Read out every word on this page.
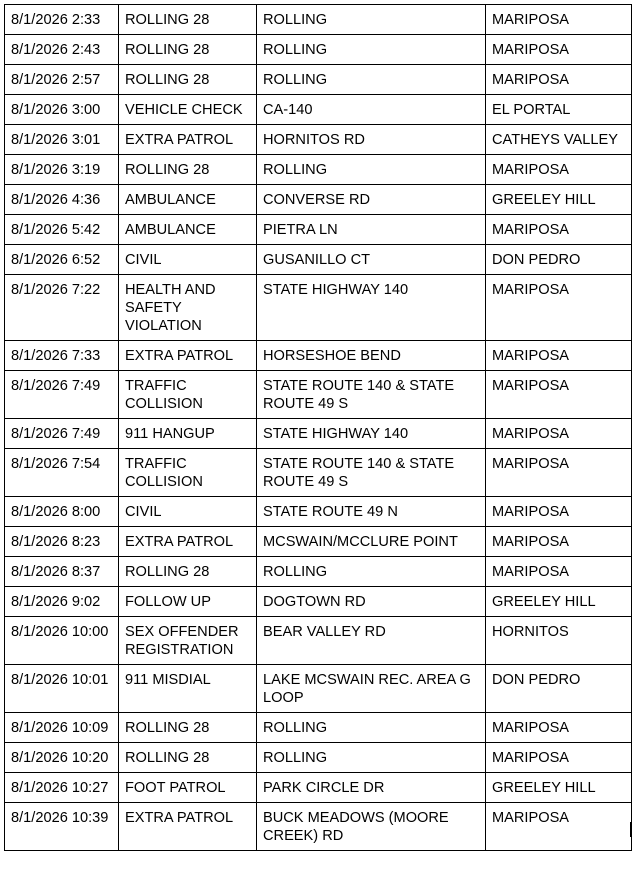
8/1/2026 2:33	ROLLING 28	ROLLING	MARIPOSA

8/1/2026 2:43	ROLLING 28	ROLLING	MARIPOSA

8/1/2026 2:57	ROLLING 28	ROLLING	MARIPOSA

8/1/2026 3:00	VEHICLE CHECK	CA-140	EL PORTAL

8/1/2026 3:01	EXTRA PATROL	HORNITOS RD	CATHEYS VALLEY

8/1/2026 3:19	ROLLING 28	ROLLING	MARIPOSA

8/1/2026 4:36	AMBULANCE	CONVERSE RD	GREELEY HILL

8/1/2026 5:42	AMBULANCE	PIETRA LN	MARIPOSA

8/1/2026 6:52	CIVIL	GUSANILLO CT	DON PEDRO

8/1/2026 7:22	HEALTH AND SAFETY VIOLATION	STATE HIGHWAY 140	MARIPOSA

8/1/2026 7:33	EXTRA PATROL	HORSESHOE BEND	MARIPOSA

8/1/2026 7:49	TRAFFIC COLLISION	STATE ROUTE 140 & STATE ROUTE 49 S	MARIPOSA

8/1/2026 7:49	911 HANGUP	STATE HIGHWAY 140	MARIPOSA

8/1/2026 7:54	TRAFFIC COLLISION	STATE ROUTE 140 & STATE ROUTE 49 S	MARIPOSA

8/1/2026 8:00	CIVIL	STATE ROUTE 49 N	MARIPOSA

8/1/2026 8:23	EXTRA PATROL	MCSWAIN/MCCLURE POINT	MARIPOSA

8/1/2026 8:37	ROLLING 28	ROLLING	MARIPOSA

8/1/2026 9:02	FOLLOW UP	DOGTOWN RD	GREELEY HILL

8/1/2026 10:00	SEX OFFENDER REGISTRATION	BEAR VALLEY RD	HORNITOS

8/1/2026 10:01	911 MISDIAL	LAKE MCSWAIN REC. AREA G LOOP	DON PEDRO

8/1/2026 10:09	ROLLING 28	ROLLING	MARIPOSA

8/1/2026 10:20	ROLLING 28	ROLLING	MARIPOSA

8/1/2026 10:27	FOOT PATROL	PARK CIRCLE DR	GREELEY HILL

8/1/2026 10:39	EXTRA PATROL	BUCK MEADOWS (MOORE CREEK) RD	MARIPOSA
